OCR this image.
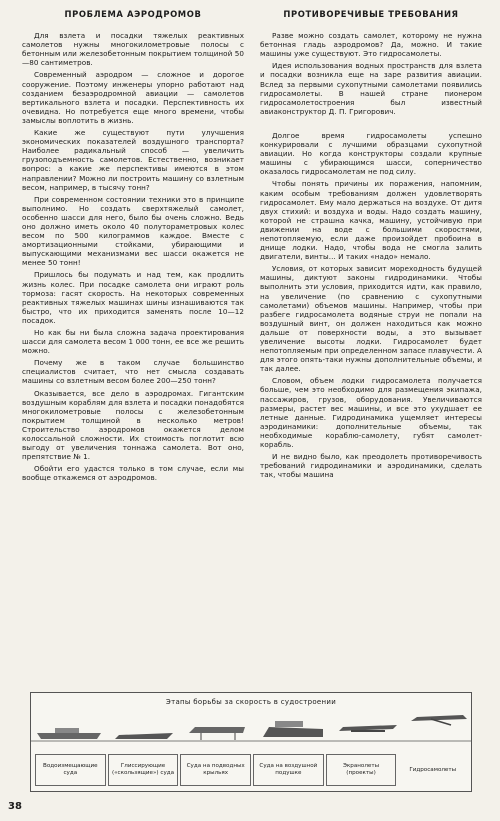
ПРОБЛЕМА АЭРОДРОМОВ

Для взлета и посадки тяжелых реактивных самолетов нужны многокилометровые полосы с бетонным или железобетонным покрытием толщиной 50—80 сантиметров.

Современный аэродром — сложное и дорогое сооружение. Поэтому инженеры упорно работают над созданием безаэродромной авиации — самолетов вертикального взлета и посадки. Перспективность их очевидна. Но потребуется еще много времени, чтобы замыслы воплотить в жизнь.

Какие же существуют пути улучшения экономических показателей воздушного транспорта? Наиболее радикальный способ — увеличить грузоподъемность самолетов. Естественно, возникает вопрос: а какие же перспективы имеются в этом направлении? Можно ли построить машину со взлетным весом, например, в тысячу тонн?

При современном состоянии техники это в принципе выполнимо. Но создать сверхтяжелый самолет, особенно шасси для него, было бы очень сложно. Ведь оно должно иметь около 40 полутораметровых колес весом по 500 килограммов каждое. Вместе с амортизационными стойками, убирающими и выпускающими механизмами вес шасси окажется не менее 50 тонн!

Пришлось бы подумать и над тем, как продлить жизнь колес. При посадке самолета они играют роль тормоза: гасят скорость. На некоторых современных реактивных тяжелых машинах шины изнашиваются так быстро, что их приходится заменять после 10—12 посадок.

Но как бы ни была сложна задача проектирования шасси для самолета весом 1 000 тонн, ее все же решить можно.

Почему же в таком случае большинство специалистов считает, что нет смысла создавать машины со взлетным весом более 200—250 тонн?

Оказывается, все дело в аэродромах. Гигантским воздушным кораблям для взлета и посадки понадобятся многокилометровые полосы с железобетонным покрытием толщиной в несколько метров! Строительство аэродромов окажется делом колоссальной сложности. Их стоимость поглотит всю выгоду от увеличения тоннажа самолета. Вот оно, препятствие № 1.

Обойти его удастся только в том случае, если мы вообще откажемся от аэродромов.

ПРОТИВОРЕЧИВЫЕ ТРЕБОВАНИЯ

Разве можно создать самолет, которому не нужна бетонная гладь аэродромов? Да, можно. И такие машины уже существуют. Это гидросамолеты.

Идея использования водных пространств для взлета и посадки возникла еще на заре развития авиации. Вслед за первыми сухопутными самолетами появились гидросамолеты. В нашей стране пионером гидросамолетостроения был известный авиаконструктор Д. П. Григорович.

Долгое время гидросамолеты успешно конкурировали с лучшими образцами сухопутной авиации. Но когда конструкторы создали крупные машины с убирающимся шасси, соперничество оказалось гидросамолетам не под силу.

Чтобы понять причины их поражения, напомним, каким особым требованиям должен удовлетворять гидросамолет. Ему мало держаться на воздухе. От дитя двух стихий: и воздуха и воды. Надо создать машину, которой не страшна качка, машину, устойчивую при движении на воде с большими скоростями, непотопляемую, если даже произойдет пробоина в днище лодки. Надо, чтобы вода не смогла залить двигатели, винты... И таких «надо» немало.

Условия, от которых зависит мореходность будущей машины, диктуют законы гидродинамики. Чтобы выполнить эти условия, приходится идти, как правило, на увеличение (по сравнению с сухопутными самолетами) объемов машины. Например, чтобы при разбеге гидросамолета водяные струи не попали на воздушный винт, он должен находиться как можно дальше от поверхности воды, а это вызывает увеличение высоты лодки. Гидросамолет будет непотопляемым при определенном запасе плавучести. А для этого опять-таки нужны дополнительные объемы, и так далее.

Словом, объем лодки гидросамолета получается больше, чем это необходимо для размещения экипажа, пассажиров, грузов, оборудования. Увеличиваются размеры, растет вес машины, и все это ухудшает ее летные данные. Гидродинамика ущемляет интересы аэродинамики: дополнительные объемы, так необходимые кораблю-самолету, губят самолет-корабль.

И не видно было, как преодолеть противоречивость требований гидродинамики и аэродинамики, сделать так, чтобы машина

Этапы борьбы за скорость в судостроении
Водоизмещающие суда
Глиссирующие («скользящие») суда
Суда на подводных крыльях
Суда на воздушной подушке
Экранолеты (проекты)
Гидросамолеты
38
